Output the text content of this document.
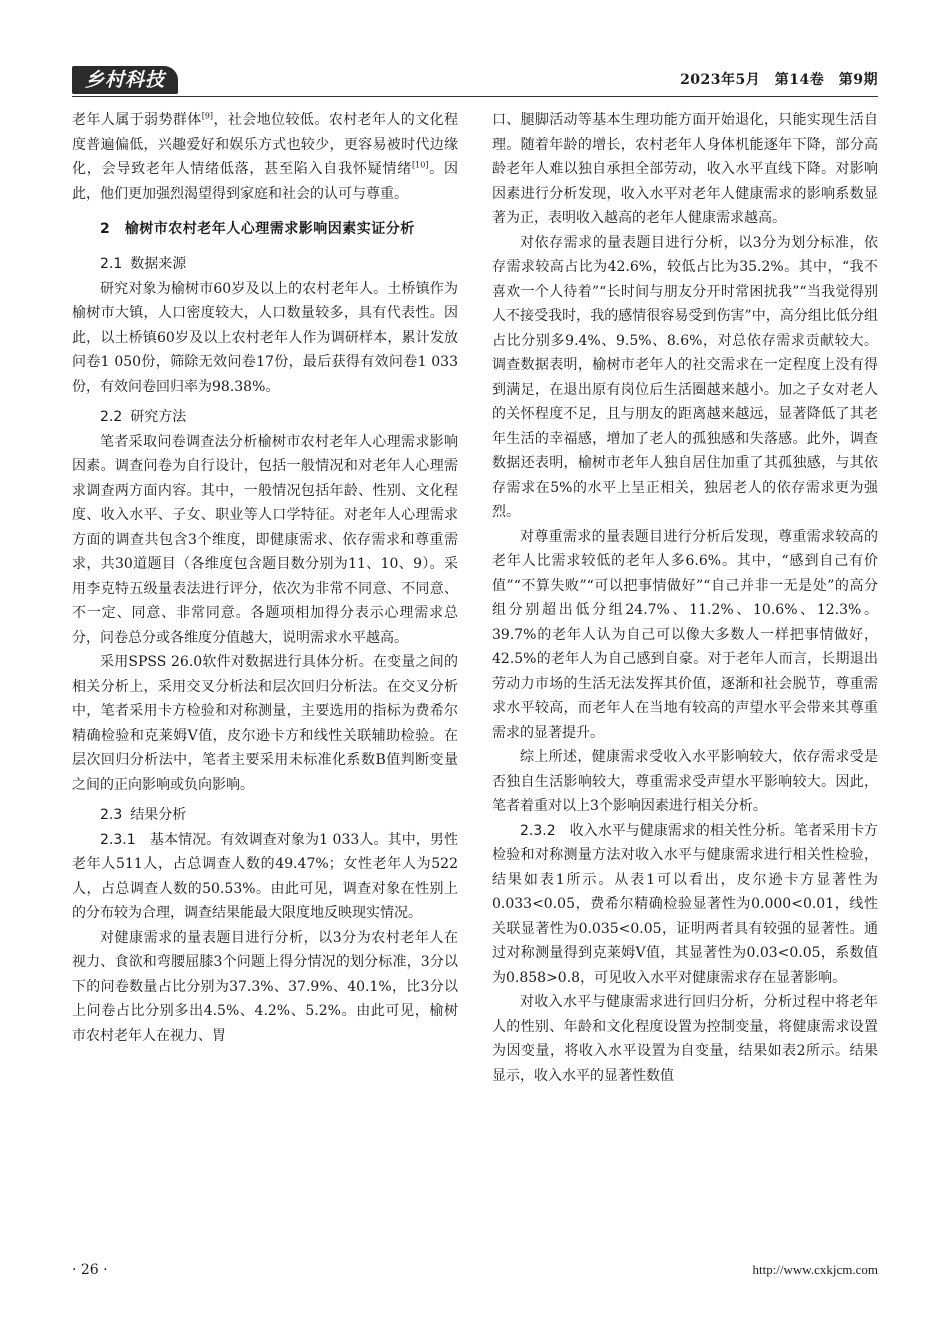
乡村科技	2023年5月　第14卷　第9期

老年人属于弱势群体[9]，社会地位较低。农村老年人的文化程度普遍偏低，兴趣爱好和娱乐方式也较少，更容易被时代边缘化，会导致老年人情绪低落，甚至陷入自我怀疑情绪[10]。因此，他们更加强烈渴望得到家庭和社会的认可与尊重。

2　 榆树市农村老年人心理需求影响因素实证分析
2.1 数据来源

研究对象为榆树市60岁及以上的农村老年人。土桥镇作为榆树市大镇，人口密度较大，人口数量较多，具有代表性。因此，以土桥镇60岁及以上农村老年人作为调研样本，累计发放问卷1 050份，筛除无效问卷17份，最后获得有效问卷1 033份，有效问卷回归率为98.38%。

2.2 研究方法

笔者采取问卷调查法分析榆树市农村老年人心理需求影响因素。调查问卷为自行设计，包括一般情况和对老年人心理需求调查两方面内容。其中，一般情况包括年龄、性别、文化程度、收入水平、子女、职业等人口学特征。对老年人心理需求方面的调查共包含3个维度，即健康需求、依存需求和尊重需求，共30道题目（各维度包含题目数分别为11、10、9）。采用李克特五级量表法进行评分，依次为非常不同意、不同意、不一定、同意、非常同意。各题项相加得分表示心理需求总分，问卷总分或各维度分值越大，说明需求水平越高。

采用SPSS 26.0软件对数据进行具体分析。在变量之间的相关分析上，采用交叉分析法和层次回归分析法。在交叉分析中，笔者采用卡方检验和对称测量，主要选用的指标为费希尔精确检验和克莱姆V值，皮尔逊卡方和线性关联辅助检验。在层次回归分析法中，笔者主要采用未标准化系数B值判断变量之间的正向影响或负向影响。

2.3 结果分析

2.3.1　 基本情况。有效调查对象为1 033人。其中，男性老年人511人，占总调查人数的49.47%；女性老年人为522人，占总调查人数的50.53%。由此可见，调查对象在性别上的分布较为合理，调查结果能最大限度地反映现实情况。

对健康需求的量表题目进行分析，以3分为农村老年人在视力、食欲和弯腰屈膝3个问题上得分情况的划分标准，3分以下的问卷数量占比分别为37.3%、37.9%、40.1%，比3分以上问卷占比分别多出4.5%、4.2%、5.2%。由此可见，榆树市农村老年人在视力、胃

口、腿脚活动等基本生理功能方面开始退化，只能实现生活自理。随着年龄的增长，农村老年人身体机能逐年下降，部分高龄老年人难以独自承担全部劳动，收入水平直线下降。对影响因素进行分析发现，收入水平对老年人健康需求的影响系数显著为正，表明收入越高的老年人健康需求越高。

对依存需求的量表题目进行分析，以3分为划分标准，依存需求较高占比为42.6%，较低占比为35.2%。其中，“我不喜欢一个人待着”“长时间与朋友分开时常困扰我”“当我觉得别人不接受我时，我的感情很容易受到伤害”中，高分组比低分组占比分别多9.4%、9.5%、8.6%，对总依存需求贡献较大。调查数据表明，榆树市老年人的社交需求在一定程度上没有得到满足，在退出原有岗位后生活圈越来越小。加之子女对老人的关怀程度不足，且与朋友的距离越来越远，显著降低了其老年生活的幸福感，增加了老人的孤独感和失落感。此外，调查数据还表明，榆树市老年人独自居住加重了其孤独感，与其依存需求在5%的水平上呈正相关，独居老人的依存需求更为强烈。

对尊重需求的量表题目进行分析后发现，尊重需求较高的老年人比需求较低的老年人多6.6%。其中，“感到自己有价值”“不算失败”“可以把事情做好”“自己并非一无是处”的高分组分别超出低分组24.7%、11.2%、10.6%、12.3%。39.7%的老年人认为自己可以像大多数人一样把事情做好，42.5%的老年人为自己感到自豪。对于老年人而言，长期退出劳动力市场的生活无法发挥其价值，逐渐和社会脱节，尊重需求水平较高，而老年人在当地有较高的声望水平会带来其尊重需求的显著提升。

综上所述，健康需求受收入水平影响较大，依存需求受是否独自生活影响较大，尊重需求受声望水平影响较大。因此，笔者着重对以上3个影响因素进行相关分析。

2.3.2　 收入水平与健康需求的相关性分析。笔者采用卡方检验和对称测量方法对收入水平与健康需求进行相关性检验，结果如表1所示。从表1可以看出，皮尔逊卡方显著性为0.033<0.05，费希尔精确检验显著性为0.000<0.01，线性关联显著性为0.035<0.05，证明两者具有较强的显著性。通过对称测量得到克莱姆V值，其显著性为0.03<0.05，系数值为0.858>0.8，可见收入水平对健康需求存在显著影响。

对收入水平与健康需求进行回归分析，分析过程中将老年人的性别、年龄和文化程度设置为控制变量，将健康需求设置为因变量，将收入水平设置为自变量，结果如表2所示。结果显示，收入水平的显著性数值

· 26 ·	http://www.cxkjcm.com
